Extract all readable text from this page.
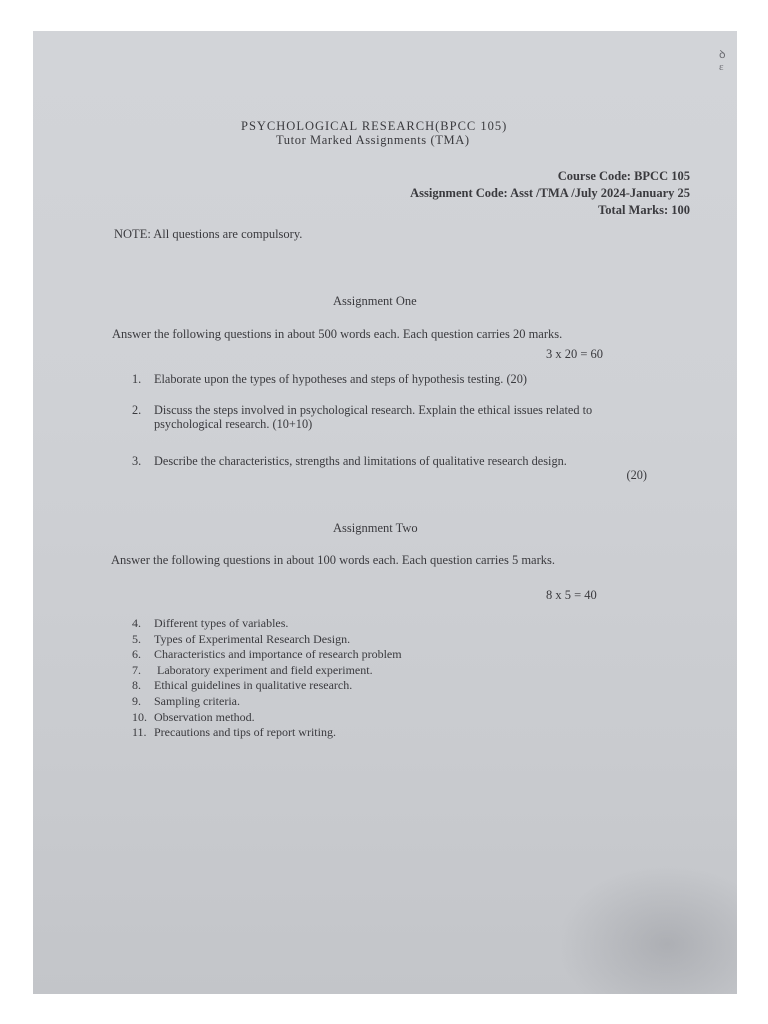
ꝺ
ɛ
PSYCHOLOGICAL RESEARCH(BPCC 105)
Tutor Marked Assignments (TMA)
Course Code: BPCC 105
Assignment Code: Asst /TMA /July 2024-January 25
Total Marks: 100
NOTE: All questions are compulsory.
Assignment One
Answer the following questions in about 500 words each. Each question carries 20 marks.
3 x 20 = 60
1.	Elaborate upon the types of hypotheses and steps of hypothesis testing. (20)
2.	Discuss the steps involved in psychological research. Explain the ethical issues related to psychological research. (10+10)
3.	Describe the characteristics, strengths and limitations of qualitative research design.
(20)
Assignment Two
Answer the following questions in about 100 words each. Each question carries 5 marks.
8 x 5 = 40
4. Different types of variables.
5. Types of Experimental Research Design.
6. Characteristics and importance of research problem
7. Laboratory experiment and field experiment.
8. Ethical guidelines in qualitative research.
9. Sampling criteria.
10. Observation method.
11. Precautions and tips of report writing.
